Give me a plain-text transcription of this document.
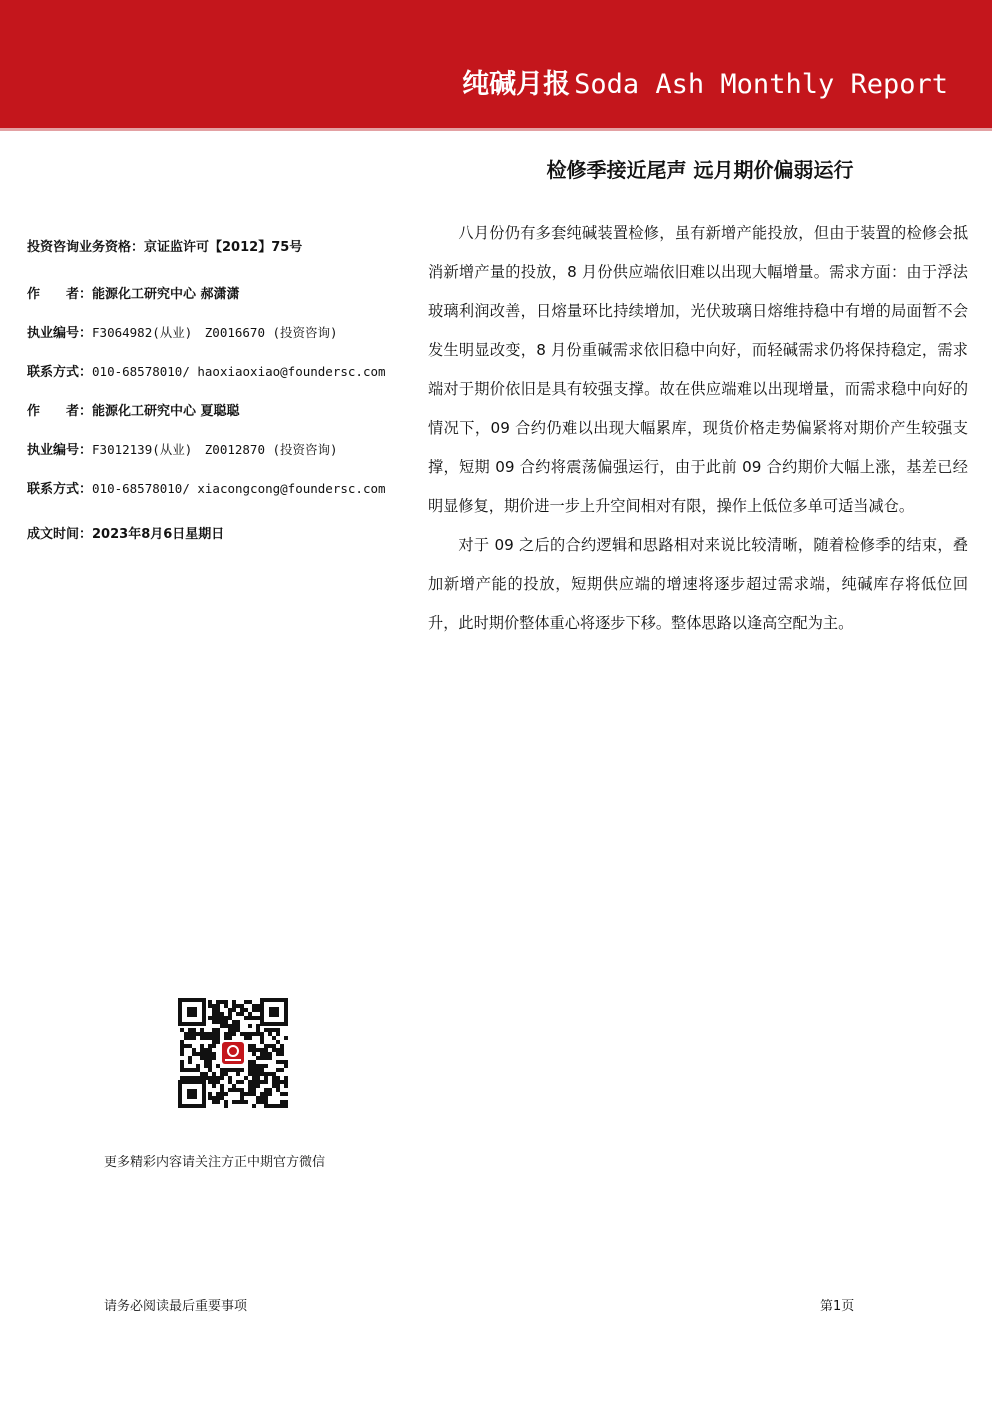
纯碱月报 Soda Ash Monthly Report
检修季接近尾声 远月期价偏弱运行
投资咨询业务资格：京证监许可【2012】75号
作　　者：能源化工研究中心 郝潇潇
执业编号：F3064982(从业)　Z0016670 (投资咨询)
联系方式：010-68578010/ haoxiaoxiao@foundersc.com
作　　者：能源化工研究中心 夏聪聪
执业编号：F3012139(从业)　Z0012870 (投资咨询)
联系方式：010-68578010/ xiacongcong@foundersc.com
成文时间：2023年8月6日星期日

八月份仍有多套纯碱装置检修，虽有新增产能投放，但由于装置的检修会抵消新增产量的投放，8 月份供应端依旧难以出现大幅增量。需求方面：由于浮法玻璃利润改善，日熔量环比持续增加，光伏玻璃日熔维持稳中有增的局面暂不会发生明显改变，8 月份重碱需求依旧稳中向好，而轻碱需求仍将保持稳定，需求端对于期价依旧是具有较强支撑。故在供应端难以出现增量，而需求稳中向好的情况下，09 合约仍难以出现大幅累库，现货价格走势偏紧将对期价产生较强支撑，短期 09 合约将震荡偏强运行，由于此前 09 合约期价大幅上涨，基差已经明显修复，期价进一步上升空间相对有限，操作上低位多单可适当减仓。

对于 09 之后的合约逻辑和思路相对来说比较清晰，随着检修季的结束，叠加新增产能的投放，短期供应端的增速将逐步超过需求端，纯碱库存将低位回升，此时期价整体重心将逐步下移。整体思路以逢高空配为主。

更多精彩内容请关注方正中期官方微信
请务必阅读最后重要事项	第1页
